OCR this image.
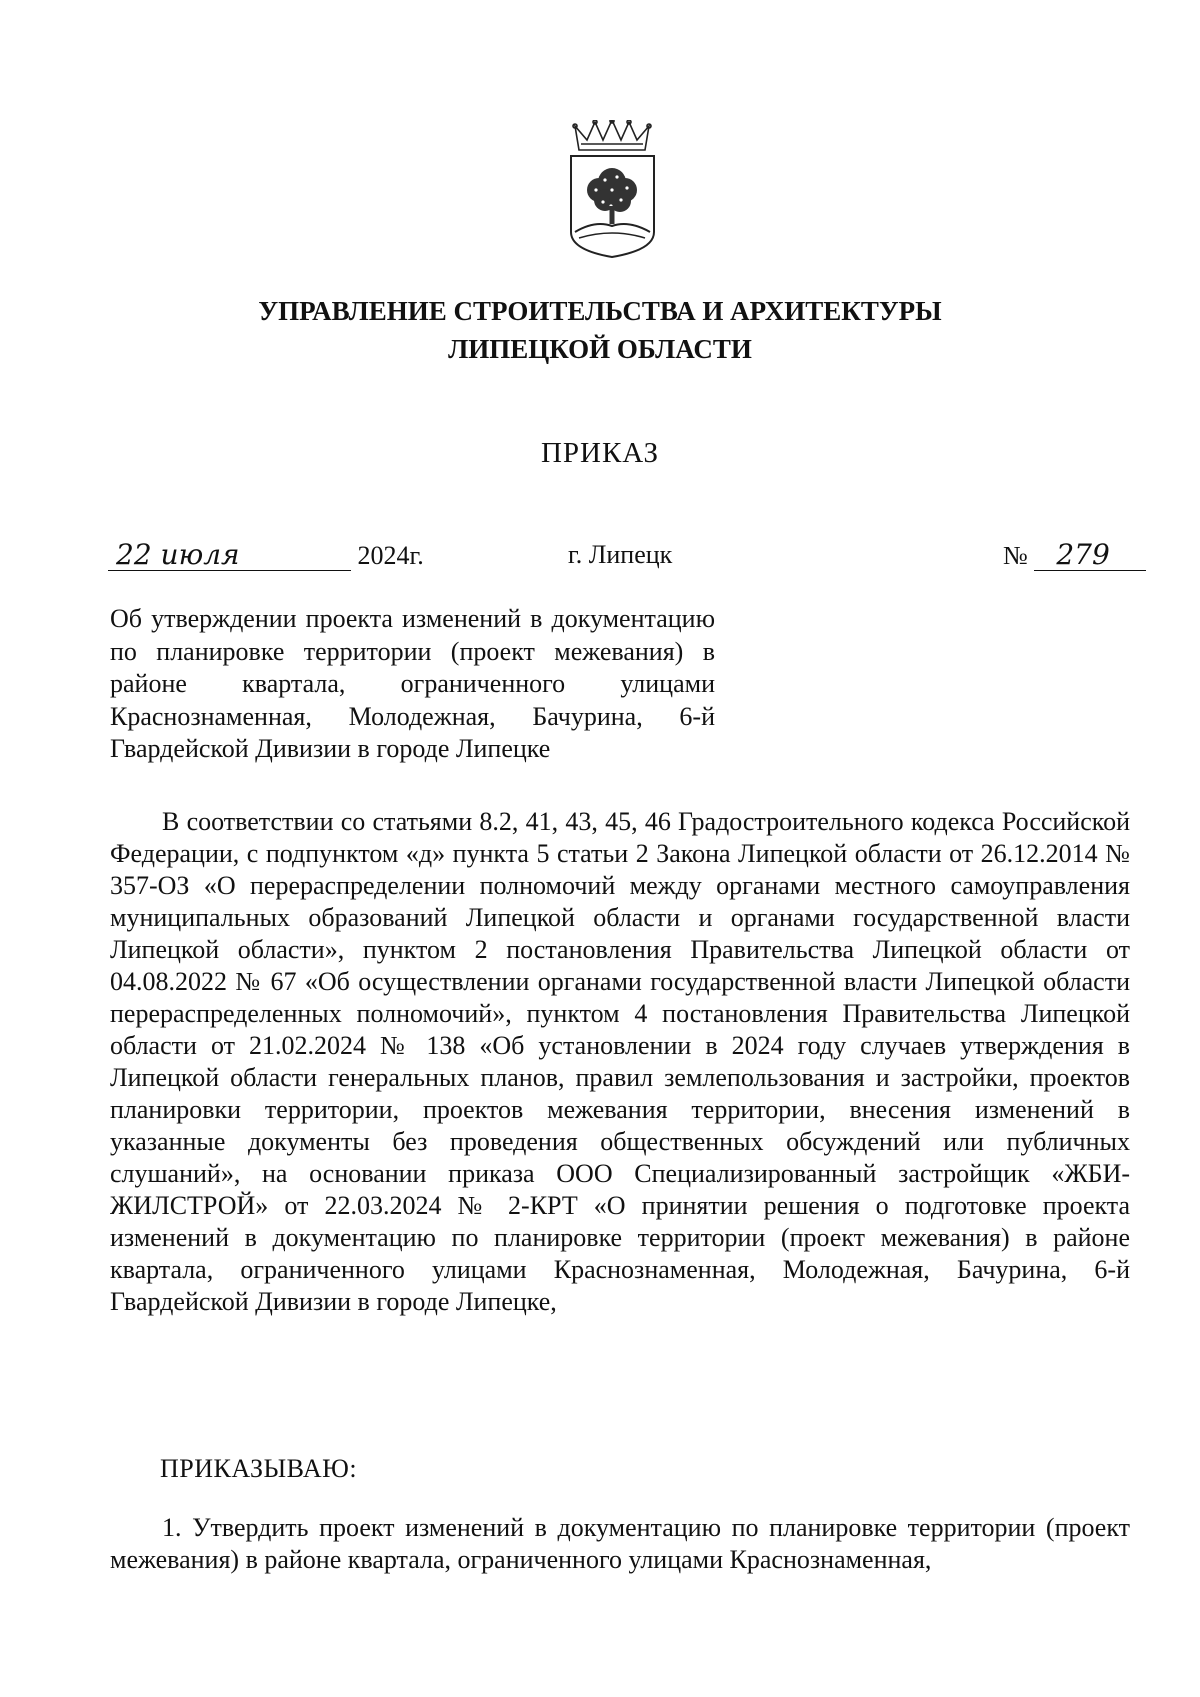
УПРАВЛЕНИЕ СТРОИТЕЛЬСТВА И АРХИТЕКТУРЫ
ЛИПЕЦКОЙ ОБЛАСТИ
ПРИКАЗ
22 июля	2024г.	г. Липецк	№ 279
Об утверждении проекта изменений в документацию по планировке территории (проект межевания) в районе квартала, ограниченного улицами Краснознаменная, Молодежная, Бачурина, 6-й Гвардейской Дивизии в городе Липецке

В соответствии со статьями 8.2, 41, 43, 45, 46 Градостроительного кодекса Российской Федерации, с подпунктом «д» пункта 5 статьи 2 Закона Липецкой области от 26.12.2014 № 357-ОЗ «О перераспределении полномочий между органами местного самоуправления муниципальных образований Липецкой области и органами государственной власти Липецкой области», пунктом 2 постановления Правительства Липецкой области от 04.08.2022 № 67 «Об осуществлении органами государственной власти Липецкой области перераспределенных полномочий», пунктом 4 постановления Правительства Липецкой области от 21.02.2024 № 138 «Об установлении в 2024 году случаев утверждения в Липецкой области генеральных планов, правил землепользования и застройки, проектов планировки территории, проектов межевания территории, внесения изменений в указанные документы без проведения общественных обсуждений или публичных слушаний», на основании приказа ООО Специализированный застройщик «ЖБИ-ЖИЛСТРОЙ» от 22.03.2024 № 2-КРТ «О принятии решения о подготовке проекта изменений в документацию по планировке территории (проект межевания) в районе квартала, ограниченного улицами Краснознаменная, Молодежная, Бачурина, 6-й Гвардейской Дивизии в городе Липецке,

ПРИКАЗЫВАЮ:
1. Утвердить проект изменений в документацию по планировке территории (проект межевания) в районе квартала, ограниченного улицами Краснознаменная,
